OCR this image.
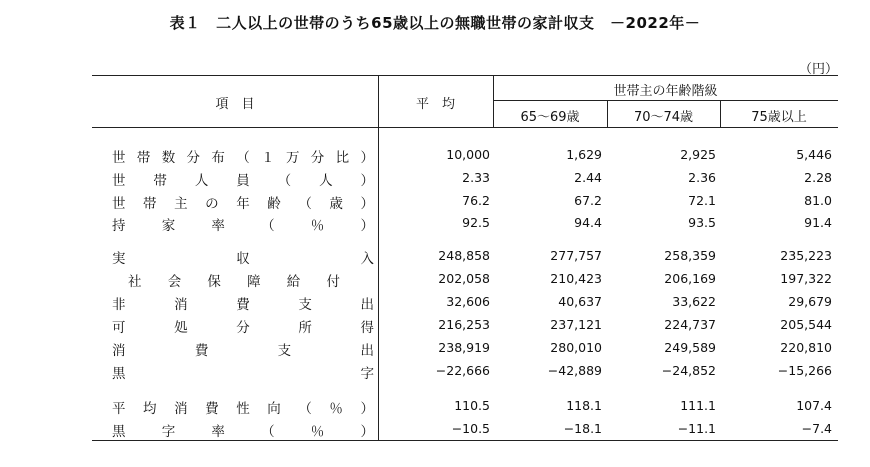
表１　二人以上の世帯のうち65歳以上の無職世帯の家計収支　－2022年－
（円）
項　目	平　均
世帯主の年齢階級
65～69歳	70～74歳	75歳以上
世帯数分布（１万分比）	10,000	1,629	2,925	5,446
世帯人員（人）	2.33	2.44	2.36	2.28
世帯主の年齢（歳）	76.2	67.2	72.1	81.0
持家率（％）	92.5	94.4	93.5	91.4
実収入	248,858	277,757	258,359	235,223
社会保障給付	202,058	210,423	206,169	197,322
非消費支出	32,606	40,637	33,622	29,679
可処分所得	216,253	237,121	224,737	205,544
消費支出	238,919	280,010	249,589	220,810
黒字	−22,666	−42,889	−24,852	−15,266
平均消費性向（％）	110.5	118.1	111.1	107.4
黒字率（％）	−10.5	−18.1	−11.1	−7.4
